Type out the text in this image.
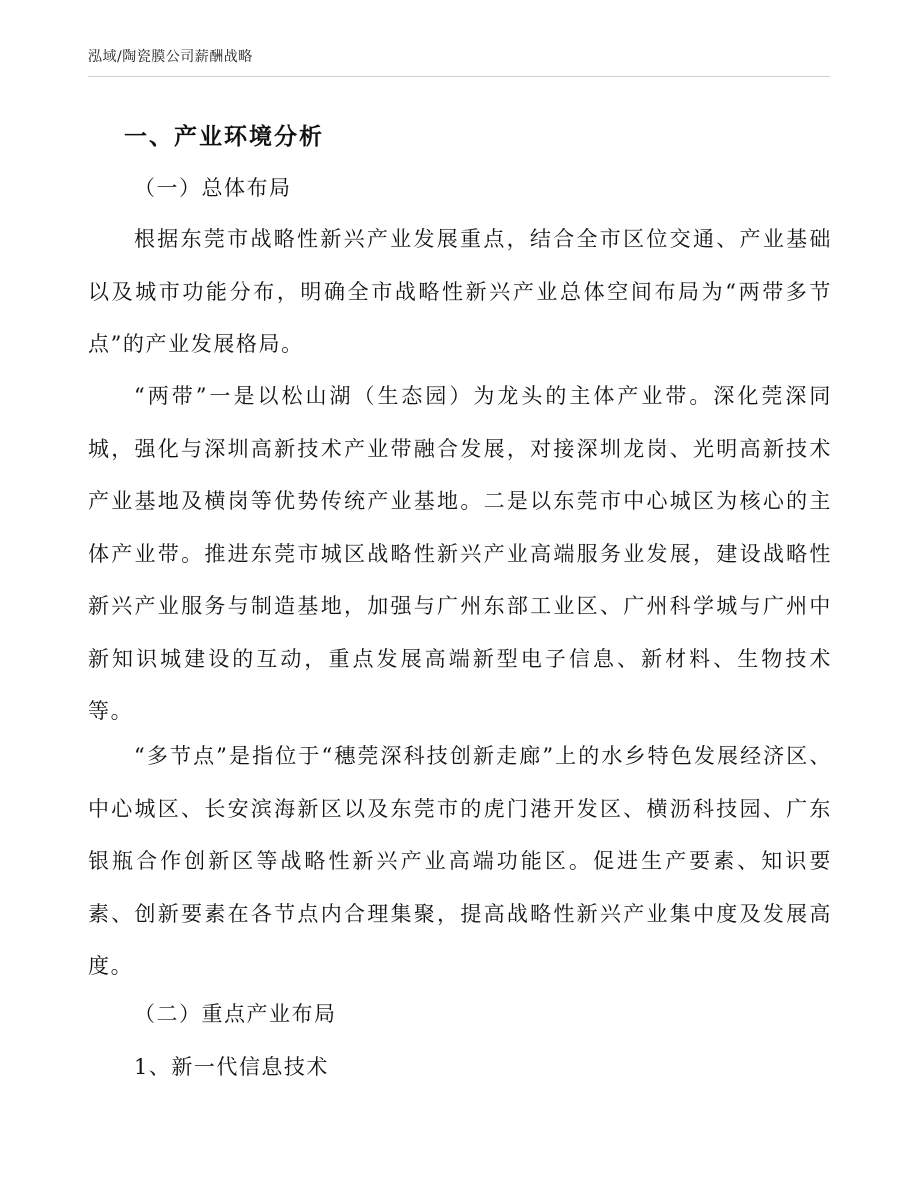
泓域/陶瓷膜公司薪酬战略
一、产业环境分析
（一）总体布局

根据东莞市战略性新兴产业发展重点，结合全市区位交通、产业基础以及城市功能分布，明确全市战略性新兴产业总体空间布局为“两带多节点”的产业发展格局。

“两带”一是以松山湖（生态园）为龙头的主体产业带。深化莞深同城，强化与深圳高新技术产业带融合发展，对接深圳龙岗、光明高新技术产业基地及横岗等优势传统产业基地。二是以东莞市中心城区为核心的主体产业带。推进东莞市城区战略性新兴产业高端服务业发展，建设战略性新兴产业服务与制造基地，加强与广州东部工业区、广州科学城与广州中新知识城建设的互动，重点发展高端新型电子信息、新材料、生物技术等。

“多节点”是指位于“穗莞深科技创新走廊”上的水乡特色发展经济区、中心城区、长安滨海新区以及东莞市的虎门港开发区、横沥科技园、广东银瓶合作创新区等战略性新兴产业高端功能区。促进生产要素、知识要素、创新要素在各节点内合理集聚，提高战略性新兴产业集中度及发展高度。

（二）重点产业布局
1、新一代信息技术
